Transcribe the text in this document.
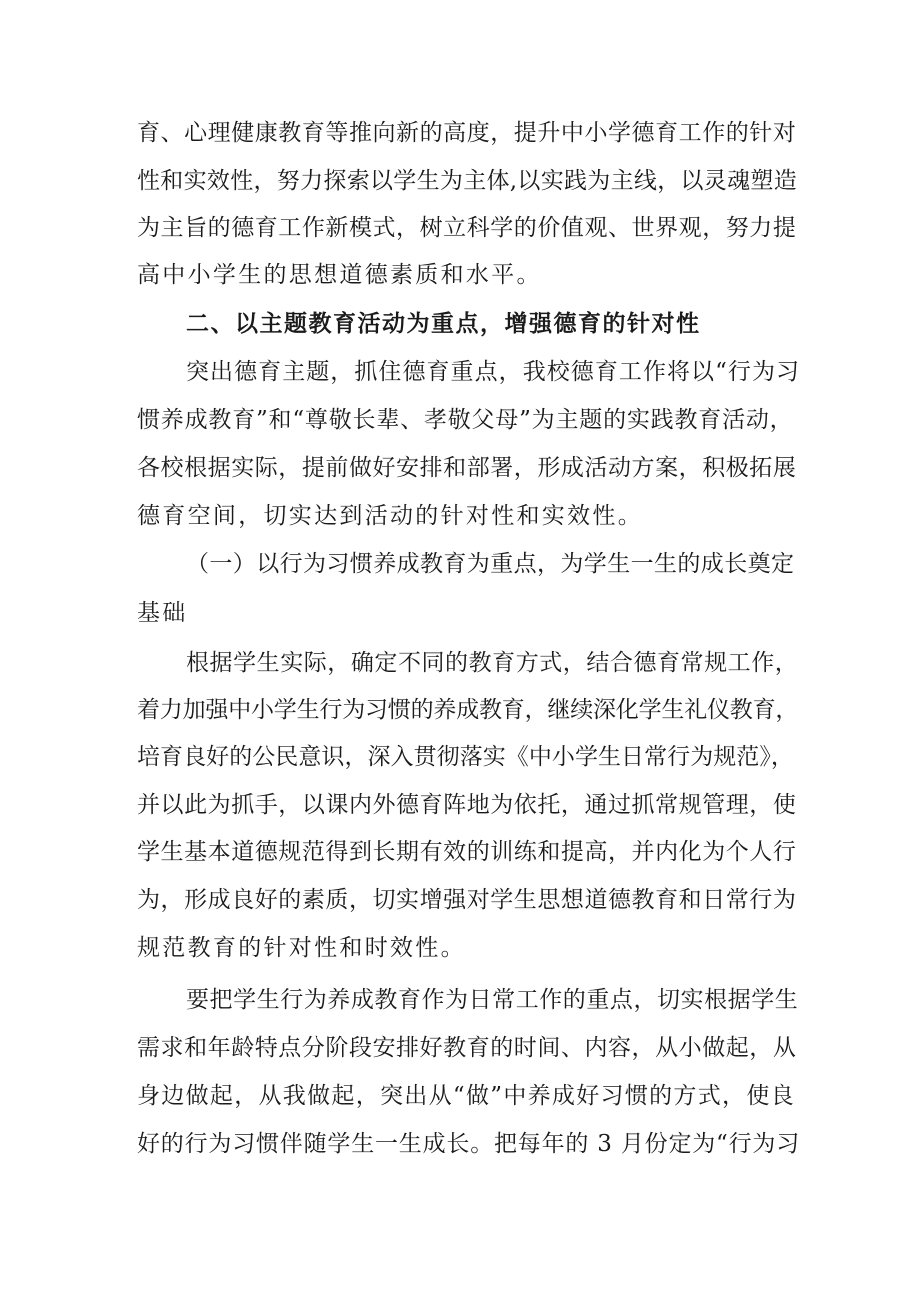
育、心理健康教育等推向新的高度，提升中小学德育工作的针对
性和实效性，努力探索以学生为主体,以实践为主线，以灵魂塑造
为主旨的德育工作新模式，树立科学的价值观、世界观，努力提
高中小学生的思想道德素质和水平。
二、以主题教育活动为重点，增强德育的针对性
突出德育主题，抓住德育重点，我校德育工作将以“行为习
惯养成教育”和“尊敬长辈、孝敬父母”为主题的实践教育活动，
各校根据实际，提前做好安排和部署，形成活动方案，积极拓展
德育空间，切实达到活动的针对性和实效性。
（一）以行为习惯养成教育为重点，为学生一生的成长奠定
基础
根据学生实际，确定不同的教育方式，结合德育常规工作，
着力加强中小学生行为习惯的养成教育，继续深化学生礼仪教育，
培育良好的公民意识，深入贯彻落实《中小学生日常行为规范》，
并以此为抓手，以课内外德育阵地为依托，通过抓常规管理，使
学生基本道德规范得到长期有效的训练和提高，并内化为个人行
为，形成良好的素质，切实增强对学生思想道德教育和日常行为
规范教育的针对性和时效性。
要把学生行为养成教育作为日常工作的重点，切实根据学生
需求和年龄特点分阶段安排好教育的时间、内容，从小做起，从
身边做起，从我做起，突出从“做”中养成好习惯的方式，使良
好的行为习惯伴随学生一生成长。把每年的 3 月份定为“行为习
